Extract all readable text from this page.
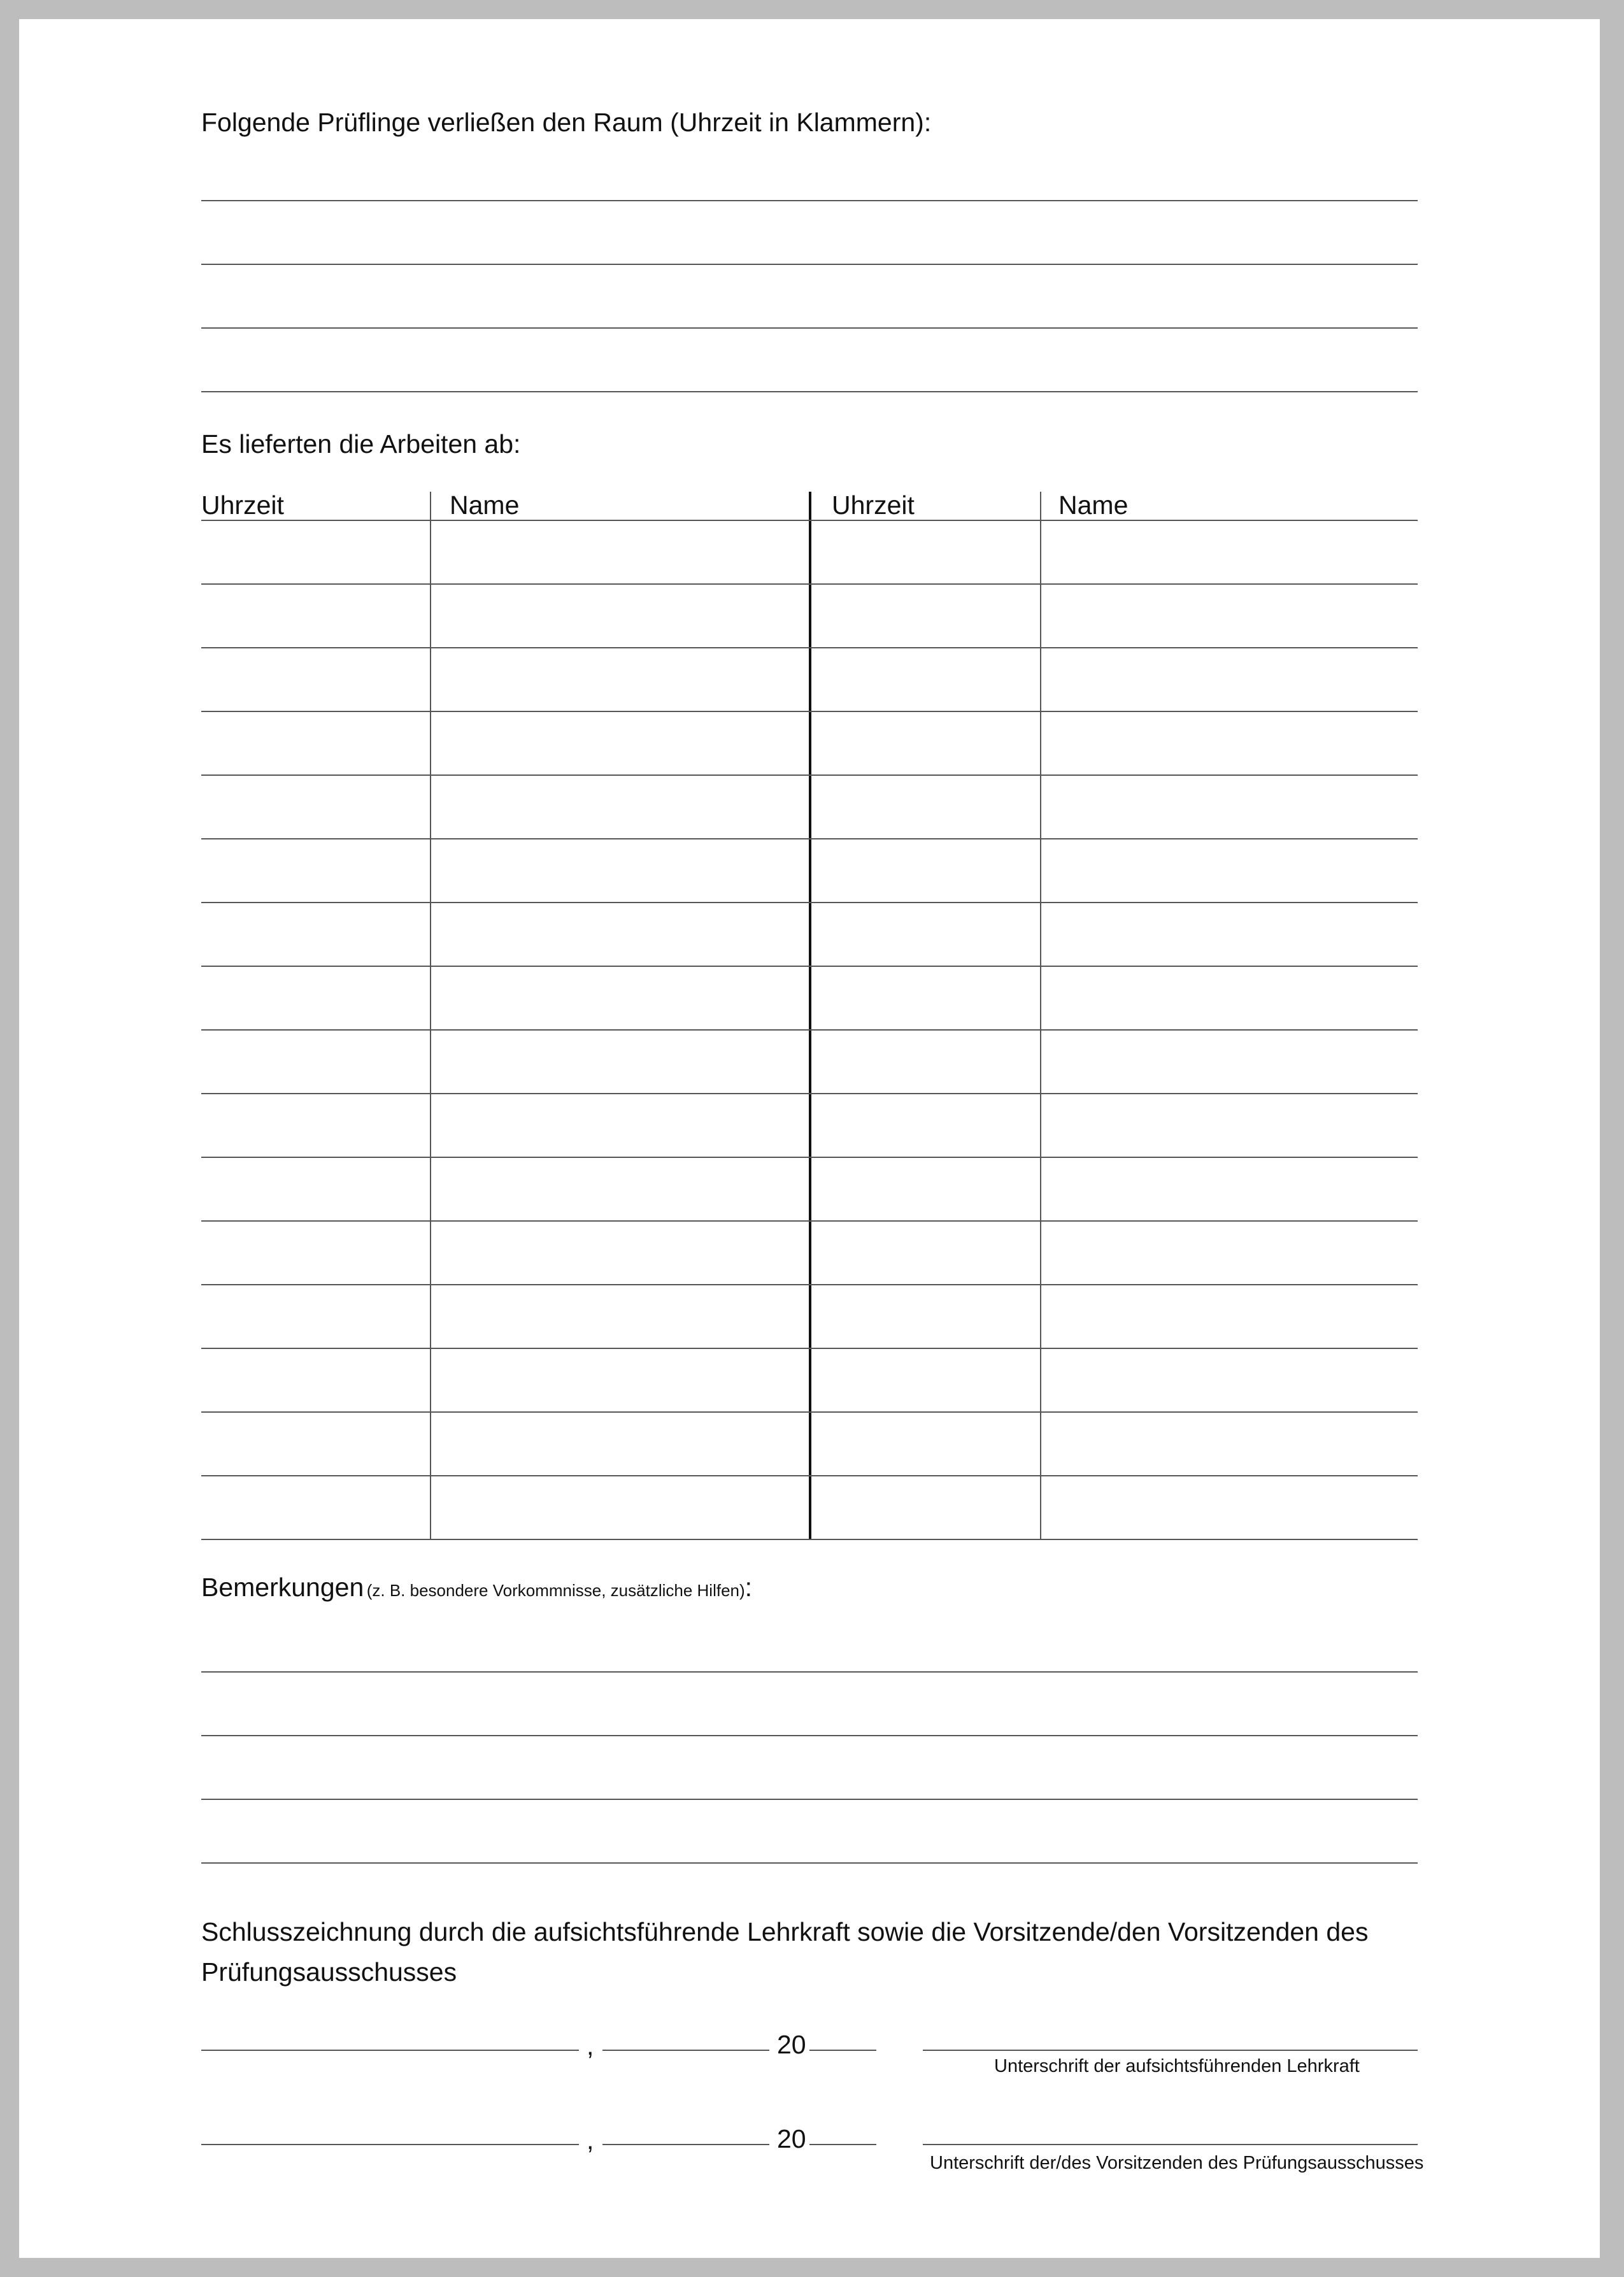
Folgende Prüflinge verließen den Raum (Uhrzeit in Klammern):
Es lieferten die Arbeiten ab:
Uhrzeit	Name	Uhrzeit	Name
Bemerkungen (z. B. besondere Vorkommnisse, zusätzliche Hilfen):
Schlusszeichnung durch die aufsichtsführende Lehrkraft sowie die Vorsitzende/den Vorsitzenden des
Prüfungsausschusses
,	20
Unterschrift der aufsichtsführenden Lehrkraft
,	20
Unterschrift der/des Vorsitzenden des Prüfungsausschusses
